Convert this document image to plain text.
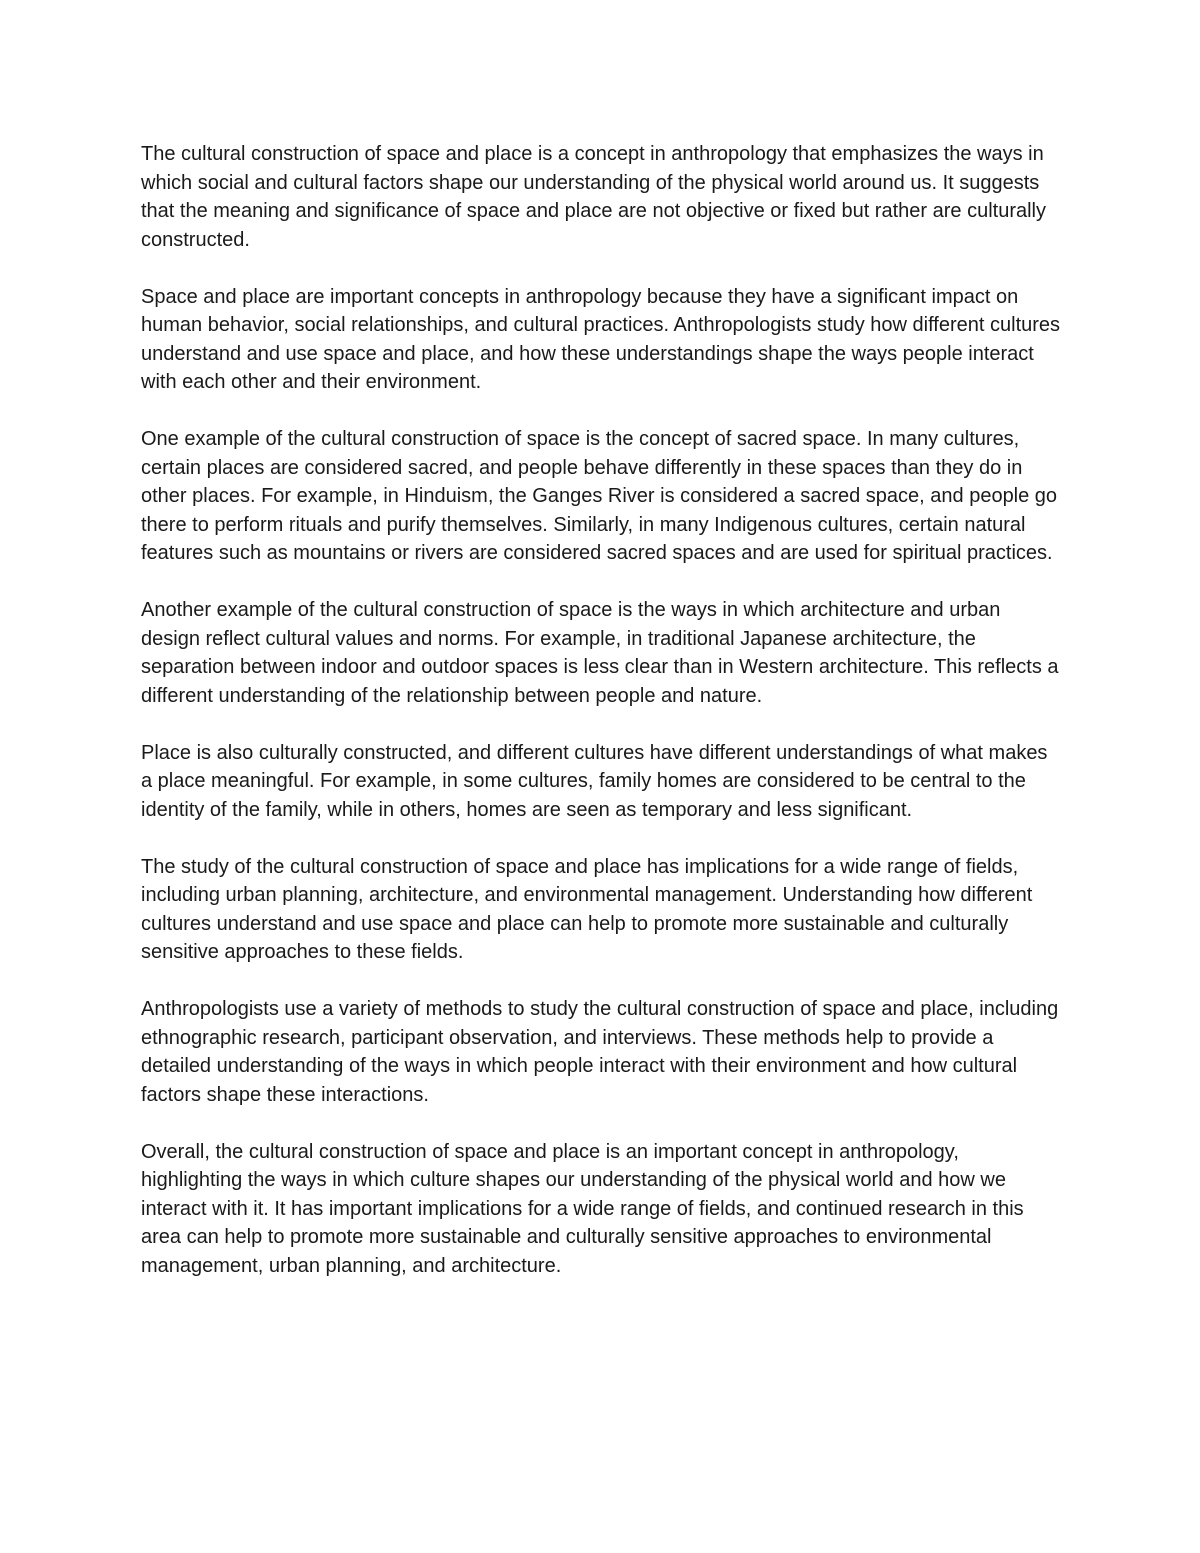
The cultural construction of space and place is a concept in anthropology that emphasizes the ways in which social and cultural factors shape our understanding of the physical world around us. It suggests that the meaning and significance of space and place are not objective or fixed but rather are culturally constructed.

Space and place are important concepts in anthropology because they have a significant impact on human behavior, social relationships, and cultural practices. Anthropologists study how different cultures understand and use space and place, and how these understandings shape the ways people interact with each other and their environment.

One example of the cultural construction of space is the concept of sacred space. In many cultures, certain places are considered sacred, and people behave differently in these spaces than they do in other places. For example, in Hinduism, the Ganges River is considered a sacred space, and people go there to perform rituals and purify themselves. Similarly, in many Indigenous cultures, certain natural features such as mountains or rivers are considered sacred spaces and are used for spiritual practices.

Another example of the cultural construction of space is the ways in which architecture and urban design reflect cultural values and norms. For example, in traditional Japanese architecture, the separation between indoor and outdoor spaces is less clear than in Western architecture. This reflects a different understanding of the relationship between people and nature.

Place is also culturally constructed, and different cultures have different understandings of what makes a place meaningful. For example, in some cultures, family homes are considered to be central to the identity of the family, while in others, homes are seen as temporary and less significant.

The study of the cultural construction of space and place has implications for a wide range of fields, including urban planning, architecture, and environmental management. Understanding how different cultures understand and use space and place can help to promote more sustainable and culturally sensitive approaches to these fields.

Anthropologists use a variety of methods to study the cultural construction of space and place, including ethnographic research, participant observation, and interviews. These methods help to provide a detailed understanding of the ways in which people interact with their environment and how cultural factors shape these interactions.

Overall, the cultural construction of space and place is an important concept in anthropology, highlighting the ways in which culture shapes our understanding of the physical world and how we interact with it. It has important implications for a wide range of fields, and continued research in this area can help to promote more sustainable and culturally sensitive approaches to environmental management, urban planning, and architecture.
